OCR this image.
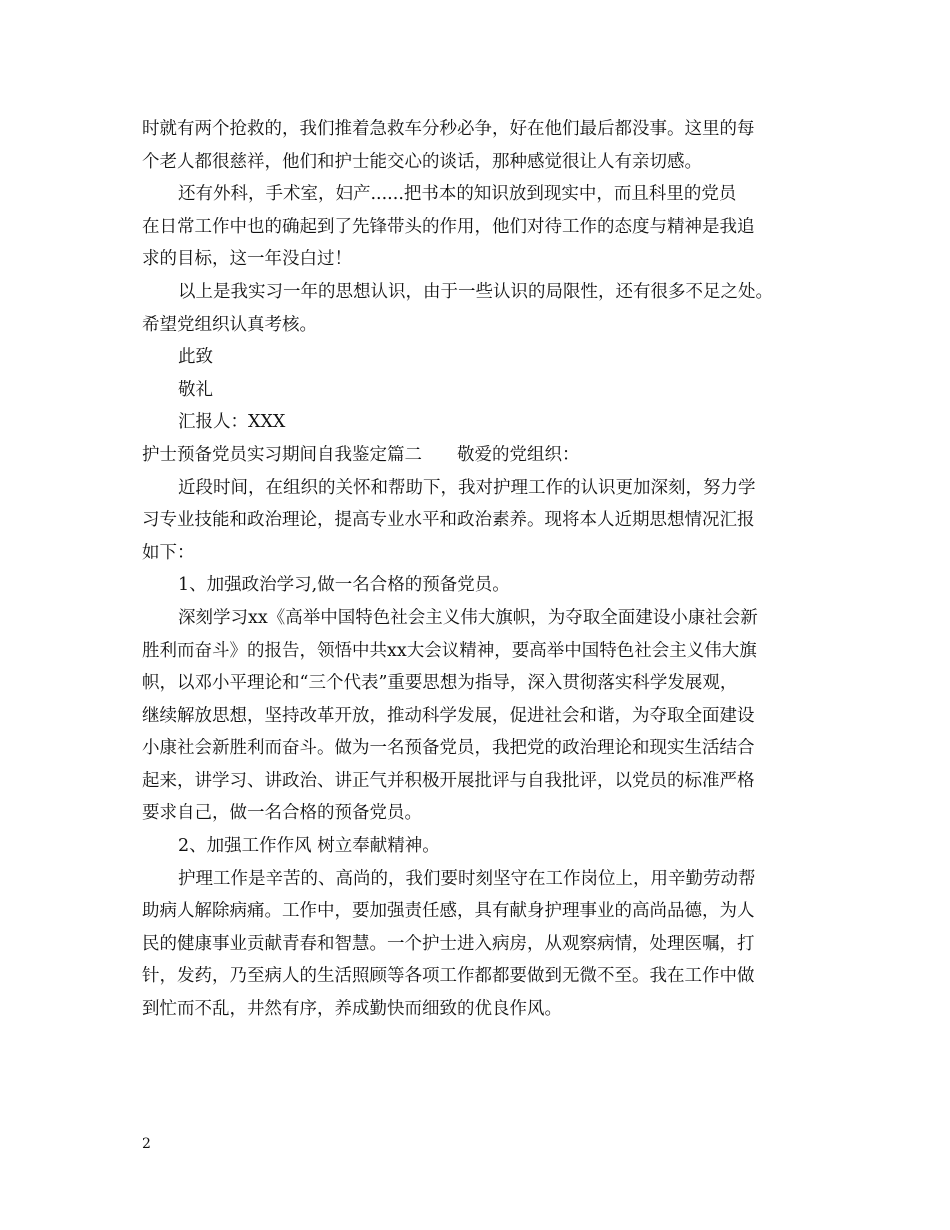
时就有两个抢救的，我们推着急救车分秒必争，好在他们最后都没事。这里的每
个老人都很慈祥，他们和护士能交心的谈话，那种感觉很让人有亲切感。
还有外科，手术室，妇产......把书本的知识放到现实中，而且科里的党员
在日常工作中也的确起到了先锋带头的作用，他们对待工作的态度与精神是我追
求的目标，这一年没白过！
以上是我实习一年的思想认识，由于一些认识的局限性，还有很多不足之处。
希望党组织认真考核。
此致
敬礼
汇报人：XXX
护士预备党员实习期间自我鉴定篇二　　敬爱的党组织：
近段时间，在组织的关怀和帮助下，我对护理工作的认识更加深刻，努力学
习专业技能和政治理论，提高专业水平和政治素养。现将本人近期思想情况汇报
如下：
1、加强政治学习,做一名合格的预备党员。
深刻学习xx《高举中国特色社会主义伟大旗帜，为夺取全面建设小康社会新
胜利而奋斗》的报告，领悟中共xx大会议精神，要高举中国特色社会主义伟大旗
帜，以邓小平理论和“三个代表”重要思想为指导，深入贯彻落实科学发展观，
继续解放思想，坚持改革开放，推动科学发展，促进社会和谐，为夺取全面建设
小康社会新胜利而奋斗。做为一名预备党员，我把党的政治理论和现实生活结合
起来，讲学习、讲政治、讲正气并积极开展批评与自我批评，以党员的标准严格
要求自己，做一名合格的预备党员。
2、加强工作作风 树立奉献精神。
护理工作是辛苦的、高尚的，我们要时刻坚守在工作岗位上，用辛勤劳动帮
助病人解除病痛。工作中，要加强责任感，具有献身护理事业的高尚品德，为人
民的健康事业贡献青春和智慧。一个护士进入病房，从观察病情，处理医嘱，打
针，发药，乃至病人的生活照顾等各项工作都都要做到无微不至。我在工作中做
到忙而不乱，井然有序，养成勤快而细致的优良作风。
2
